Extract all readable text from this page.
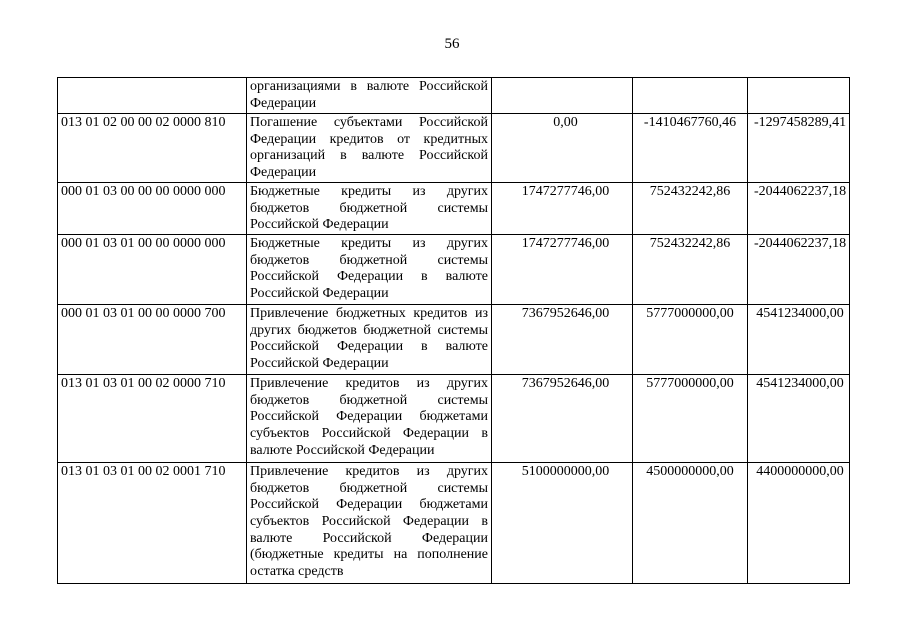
56
	организациями в валюте Российской Федерации			
013 01 02 00 00 02 0000 810	Погашение субъектами Российской Федерации кредитов от кредитных организаций в валюте Российской Федерации	0,00	-1410467760,46	-1297458289,41
000 01 03 00 00 00 0000 000	Бюджетные кредиты из других бюджетов бюджетной системы Российской Федерации	1747277746,00	752432242,86	-2044062237,18
000 01 03 01 00 00 0000 000	Бюджетные кредиты из других бюджетов бюджетной системы Российской Федерации в валюте Российской Федерации	1747277746,00	752432242,86	-2044062237,18
000 01 03 01 00 00 0000 700	Привлечение бюджетных кредитов из других бюджетов бюджетной системы Российской Федерации в валюте Российской Федерации	7367952646,00	5777000000,00	4541234000,00
013 01 03 01 00 02 0000 710	Привлечение кредитов из других бюджетов бюджетной системы Российской Федерации бюджетами субъектов Российской Федерации в валюте Российской Федерации	7367952646,00	5777000000,00	4541234000,00
013 01 03 01 00 02 0001 710	Привлечение кредитов из других бюджетов бюджетной системы Российской Федерации бюджетами субъектов Российской Федерации в валюте Российской Федерации (бюджетные кредиты на пополнение остатка средств	5100000000,00	4500000000,00	4400000000,00
